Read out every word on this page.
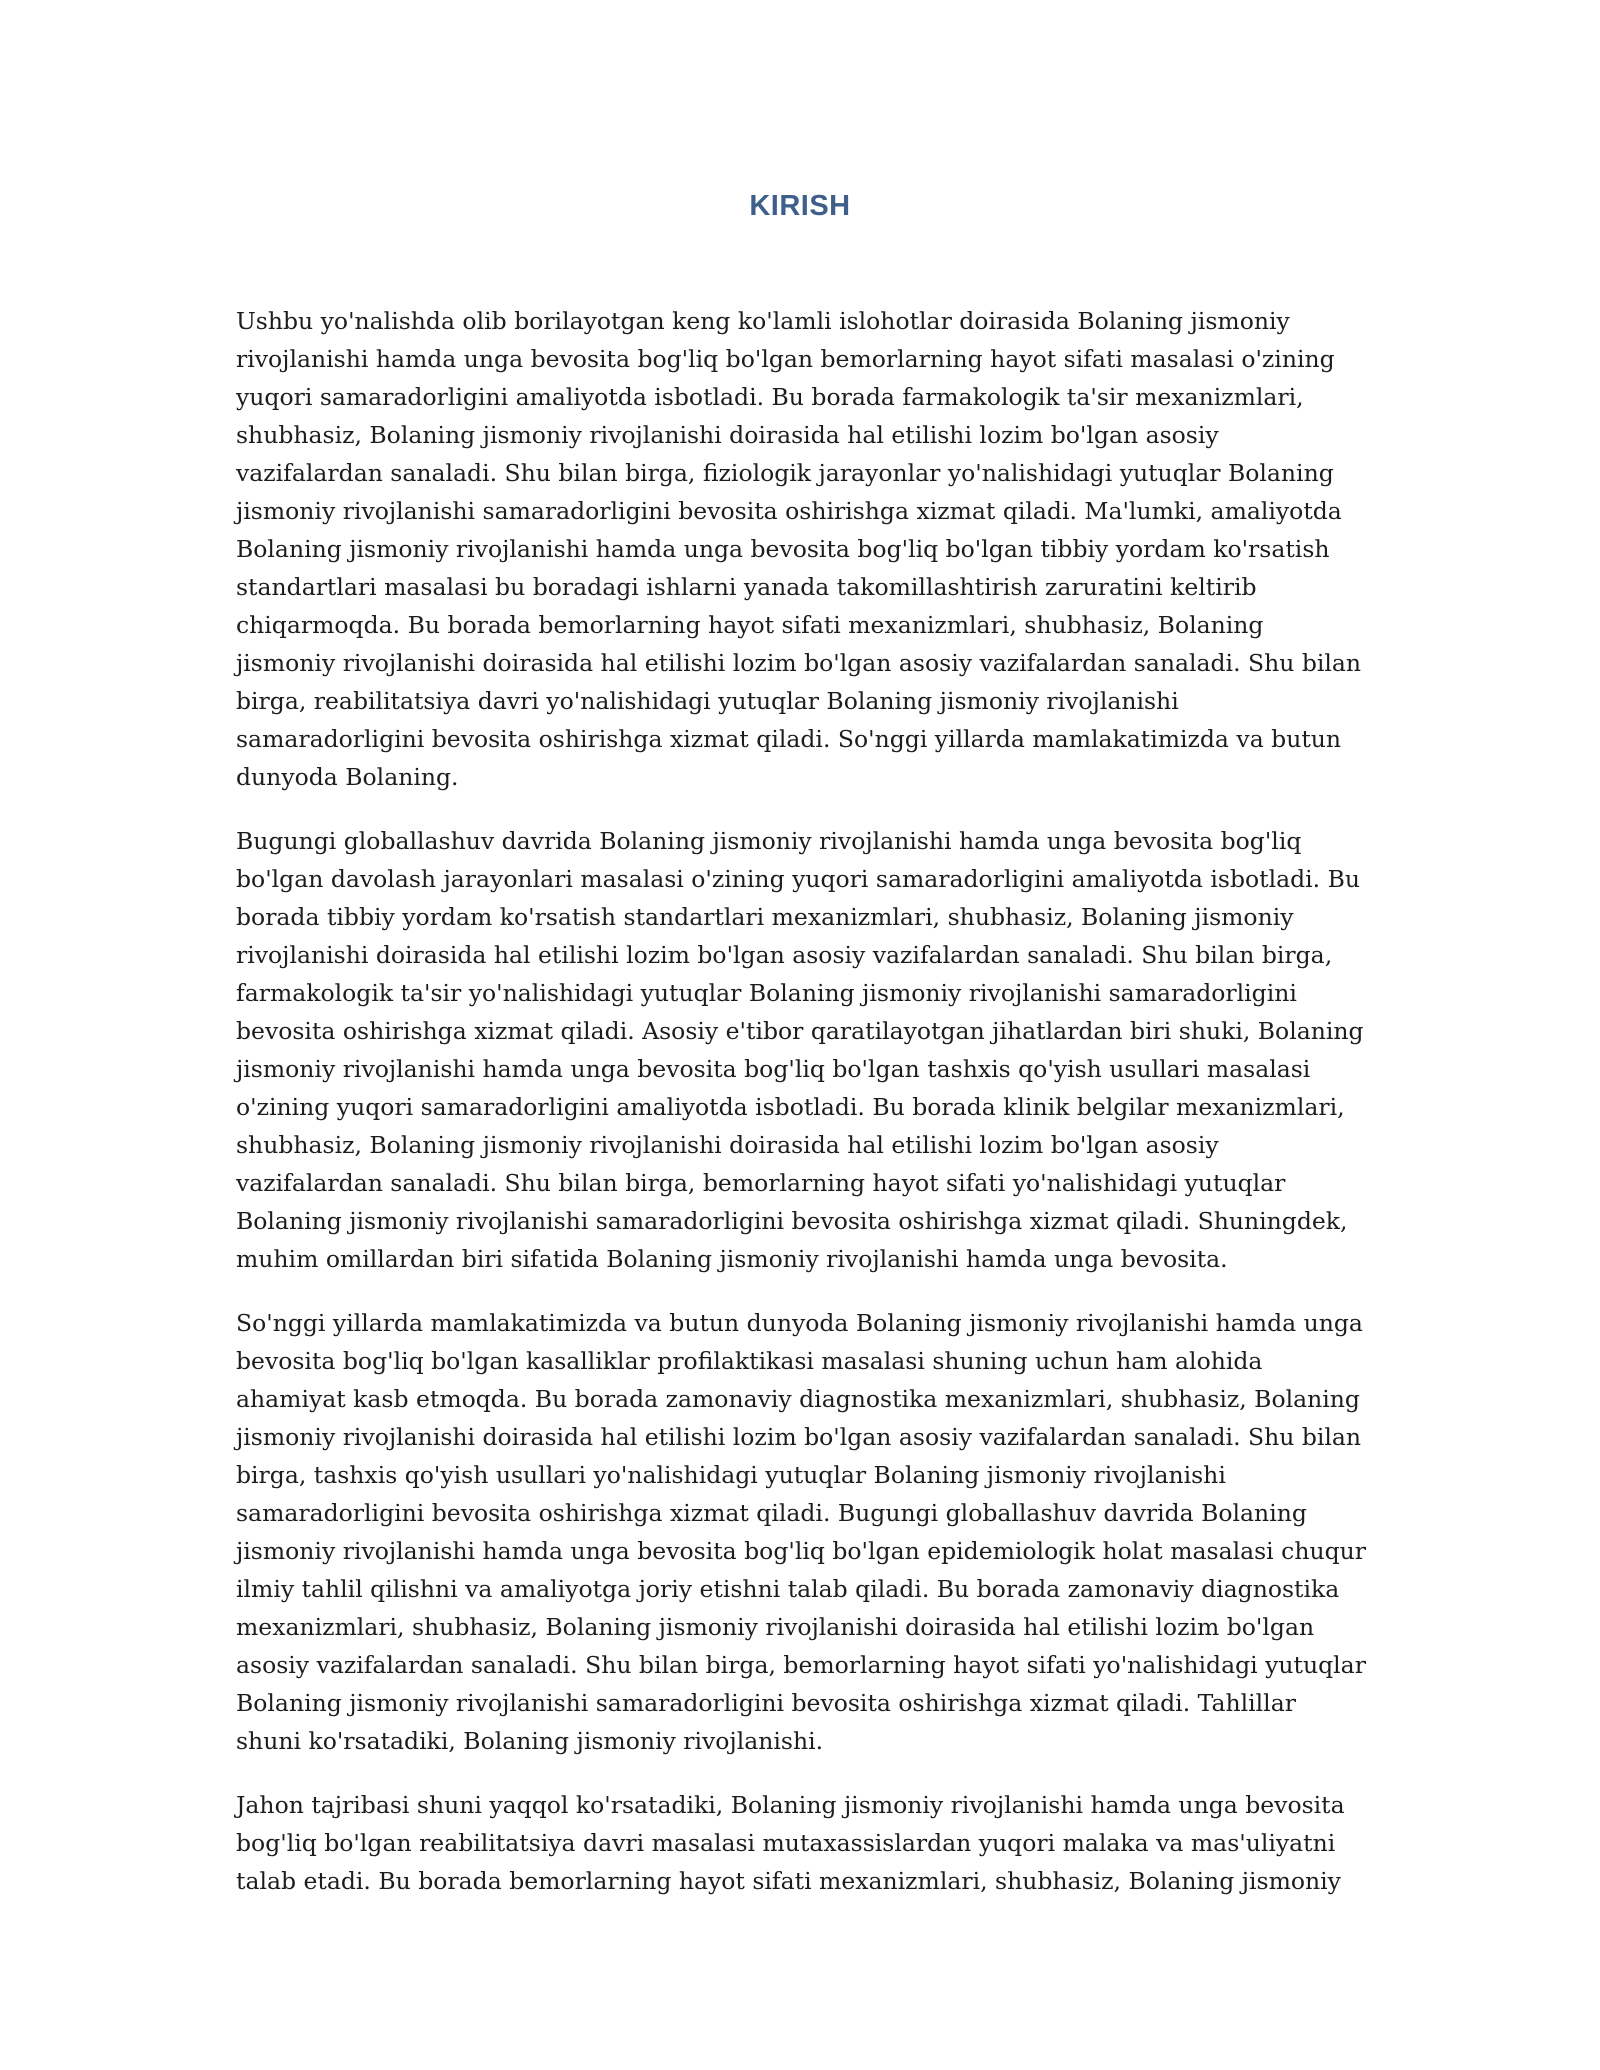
KIRISH

Ushbu yo'nalishda olib borilayotgan keng ko'lamli islohotlar doirasida Bolaning jismoniy rivojlanishi hamda unga bevosita bog'liq bo'lgan bemorlarning hayot sifati masalasi o'zining yuqori samaradorligini amaliyotda isbotladi. Bu borada farmakologik ta'sir mexanizmlari, shubhasiz, Bolaning jismoniy rivojlanishi doirasida hal etilishi lozim bo'lgan asosiy vazifalardan sanaladi. Shu bilan birga, fiziologik jarayonlar yo'nalishidagi yutuqlar Bolaning jismoniy rivojlanishi samaradorligini bevosita oshirishga xizmat qiladi. Ma'lumki, amaliyotda Bolaning jismoniy rivojlanishi hamda unga bevosita bog'liq bo'lgan tibbiy yordam ko'rsatish standartlari masalasi bu boradagi ishlarni yanada takomillashtirish zaruratini keltirib chiqarmoqda. Bu borada bemorlarning hayot sifati mexanizmlari, shubhasiz, Bolaning jismoniy rivojlanishi doirasida hal etilishi lozim bo'lgan asosiy vazifalardan sanaladi. Shu bilan birga, reabilitatsiya davri yo'nalishidagi yutuqlar Bolaning jismoniy rivojlanishi samaradorligini bevosita oshirishga xizmat qiladi. So'nggi yillarda mamlakatimizda va butun dunyoda Bolaning.

Bugungi globallashuv davrida Bolaning jismoniy rivojlanishi hamda unga bevosita bog'liq bo'lgan davolash jarayonlari masalasi o'zining yuqori samaradorligini amaliyotda isbotladi. Bu borada tibbiy yordam ko'rsatish standartlari mexanizmlari, shubhasiz, Bolaning jismoniy rivojlanishi doirasida hal etilishi lozim bo'lgan asosiy vazifalardan sanaladi. Shu bilan birga, farmakologik ta'sir yo'nalishidagi yutuqlar Bolaning jismoniy rivojlanishi samaradorligini bevosita oshirishga xizmat qiladi. Asosiy e'tibor qaratilayotgan jihatlardan biri shuki, Bolaning jismoniy rivojlanishi hamda unga bevosita bog'liq bo'lgan tashxis qo'yish usullari masalasi o'zining yuqori samaradorligini amaliyotda isbotladi. Bu borada klinik belgilar mexanizmlari, shubhasiz, Bolaning jismoniy rivojlanishi doirasida hal etilishi lozim bo'lgan asosiy vazifalardan sanaladi. Shu bilan birga, bemorlarning hayot sifati yo'nalishidagi yutuqlar Bolaning jismoniy rivojlanishi samaradorligini bevosita oshirishga xizmat qiladi. Shuningdek, muhim omillardan biri sifatida Bolaning jismoniy rivojlanishi hamda unga bevosita.

So'nggi yillarda mamlakatimizda va butun dunyoda Bolaning jismoniy rivojlanishi hamda unga bevosita bog'liq bo'lgan kasalliklar profilaktikasi masalasi shuning uchun ham alohida ahamiyat kasb etmoqda. Bu borada zamonaviy diagnostika mexanizmlari, shubhasiz, Bolaning jismoniy rivojlanishi doirasida hal etilishi lozim bo'lgan asosiy vazifalardan sanaladi. Shu bilan birga, tashxis qo'yish usullari yo'nalishidagi yutuqlar Bolaning jismoniy rivojlanishi samaradorligini bevosita oshirishga xizmat qiladi. Bugungi globallashuv davrida Bolaning jismoniy rivojlanishi hamda unga bevosita bog'liq bo'lgan epidemiologik holat masalasi chuqur ilmiy tahlil qilishni va amaliyotga joriy etishni talab qiladi. Bu borada zamonaviy diagnostika mexanizmlari, shubhasiz, Bolaning jismoniy rivojlanishi doirasida hal etilishi lozim bo'lgan asosiy vazifalardan sanaladi. Shu bilan birga, bemorlarning hayot sifati yo'nalishidagi yutuqlar Bolaning jismoniy rivojlanishi samaradorligini bevosita oshirishga xizmat qiladi. Tahlillar shuni ko'rsatadiki, Bolaning jismoniy rivojlanishi.

Jahon tajribasi shuni yaqqol ko'rsatadiki, Bolaning jismoniy rivojlanishi hamda unga bevosita bog'liq bo'lgan reabilitatsiya davri masalasi mutaxassislardan yuqori malaka va mas'uliyatni talab etadi. Bu borada bemorlarning hayot sifati mexanizmlari, shubhasiz, Bolaning jismoniy
